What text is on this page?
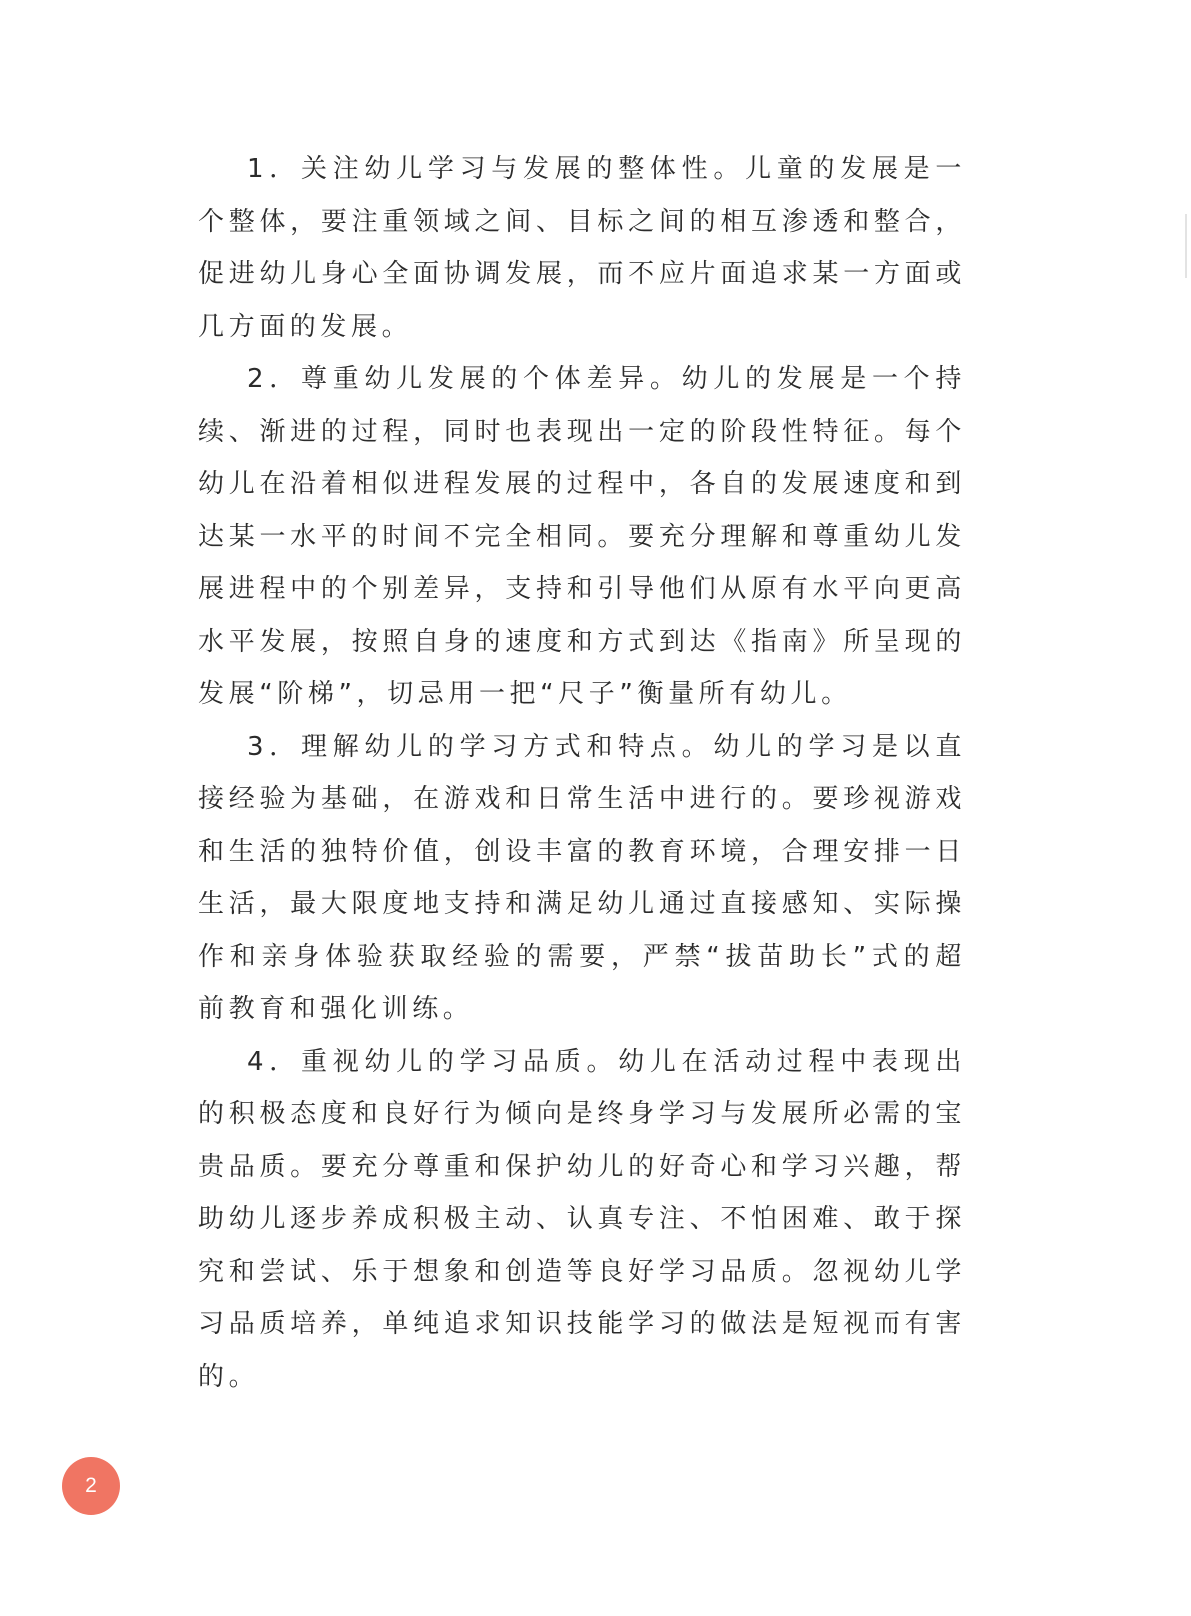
1．关注幼儿学习与发展的整体性。儿童的发展是一个整体，要注重领域之间、目标之间的相互渗透和整合，促进幼儿身心全面协调发展，而不应片面追求某一方面或几方面的发展。

2．尊重幼儿发展的个体差异。幼儿的发展是一个持续、渐进的过程，同时也表现出一定的阶段性特征。每个幼儿在沿着相似进程发展的过程中，各自的发展速度和到达某一水平的时间不完全相同。要充分理解和尊重幼儿发展进程中的个别差异，支持和引导他们从原有水平向更高水平发展，按照自身的速度和方式到达《指南》所呈现的发展“阶梯”，切忌用一把“尺子”衡量所有幼儿。

3．理解幼儿的学习方式和特点。幼儿的学习是以直接经验为基础，在游戏和日常生活中进行的。要珍视游戏和生活的独特价值，创设丰富的教育环境，合理安排一日生活，最大限度地支持和满足幼儿通过直接感知、实际操作和亲身体验获取经验的需要，严禁“拔苗助长”式的超前教育和强化训练。

4．重视幼儿的学习品质。幼儿在活动过程中表现出的积极态度和良好行为倾向是终身学习与发展所必需的宝贵品质。要充分尊重和保护幼儿的好奇心和学习兴趣，帮助幼儿逐步养成积极主动、认真专注、不怕困难、敢于探究和尝试、乐于想象和创造等良好学习品质。忽视幼儿学习品质培养，单纯追求知识技能学习的做法是短视而有害的。

2
